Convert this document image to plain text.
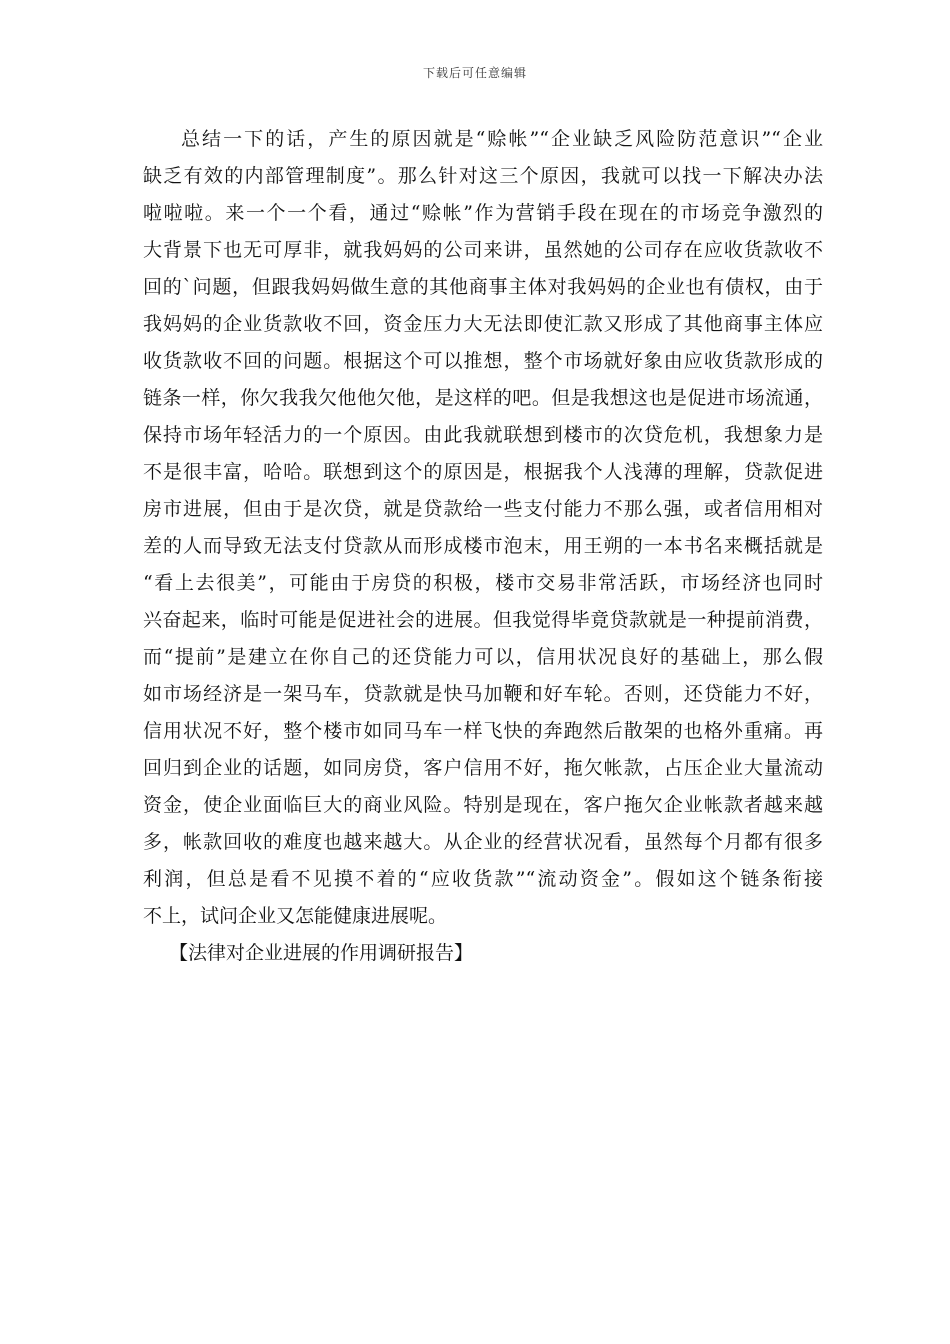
下载后可任意编辑
总结一下的话，产生的原因就是“赊帐”“企业缺乏风险防范意识”“企业
缺乏有效的内部管理制度”。那么针对这三个原因，我就可以找一下解决办法
啦啦啦。来一个一个看，通过“赊帐”作为营销手段在现在的市场竞争激烈的
大背景下也无可厚非，就我妈妈的公司来讲，虽然她的公司存在应收货款收不
回的`问题，但跟我妈妈做生意的其他商事主体对我妈妈的企业也有债权，由于
我妈妈的企业货款收不回，资金压力大无法即使汇款又形成了其他商事主体应
收货款收不回的问题。根据这个可以推想，整个市场就好象由应收货款形成的
链条一样，你欠我我欠他他欠他，是这样的吧。但是我想这也是促进市场流通，
保持市场年轻活力的一个原因。由此我就联想到楼市的次贷危机，我想象力是
不是很丰富，哈哈。联想到这个的原因是，根据我个人浅薄的理解，贷款促进
房市进展，但由于是次贷，就是贷款给一些支付能力不那么强，或者信用相对
差的人而导致无法支付贷款从而形成楼市泡末，用王朔的一本书名来概括就是
“看上去很美”，可能由于房贷的积极，楼市交易非常活跃，市场经济也同时
兴奋起来，临时可能是促进社会的进展。但我觉得毕竟贷款就是一种提前消费，
而“提前”是建立在你自己的还贷能力可以，信用状况良好的基础上，那么假
如市场经济是一架马车，贷款就是快马加鞭和好车轮。否则，还贷能力不好，
信用状况不好，整个楼市如同马车一样飞快的奔跑然后散架的也格外重痛。再
回归到企业的话题，如同房贷，客户信用不好，拖欠帐款，占压企业大量流动
资金，使企业面临巨大的商业风险。特别是现在，客户拖欠企业帐款者越来越
多，帐款回收的难度也越来越大。从企业的经营状况看，虽然每个月都有很多
利润，但总是看不见摸不着的“应收货款”“流动资金”。假如这个链条衔接
不上，试问企业又怎能健康进展呢。
【法律对企业进展的作用调研报告】
